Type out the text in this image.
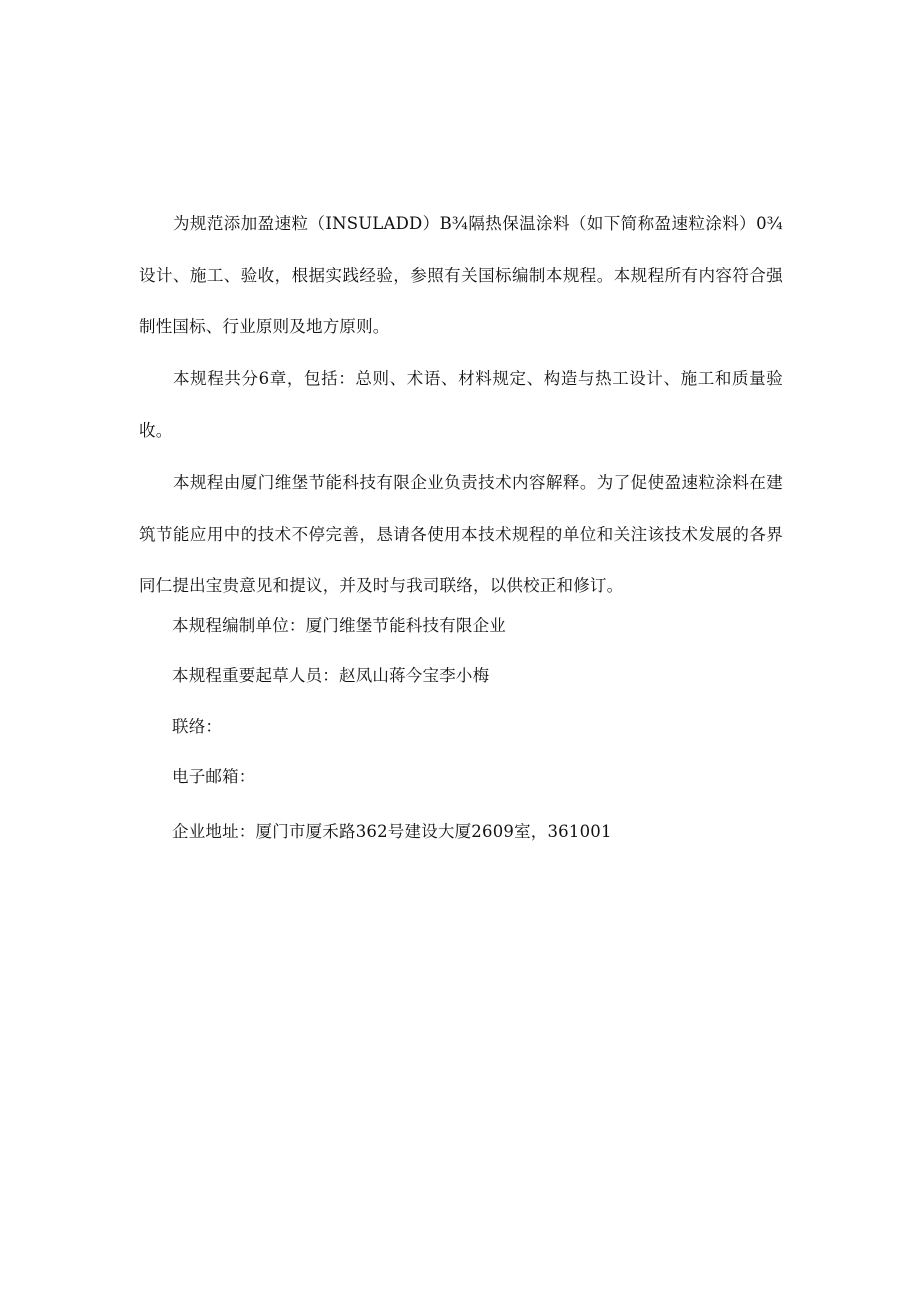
为规范添加盈速粒（INSULADD）B¾隔热保温涂料（如下简称盈速粒涂料）0¾设计、施工、验收，根据实践经验，参照有关国标编制本规程。本规程所有内容符合强制性国标、行业原则及地方原则。

本规程共分6章，包括：总则、术语、材料规定、构造与热工设计、施工和质量验收。

本规程由厦门维堡节能科技有限企业负责技术内容解释。为了促使盈速粒涂料在建筑节能应用中的技术不停完善，恳请各使用本技术规程的单位和关注该技术发展的各界同仁提出宝贵意见和提议，并及时与我司联络，以供校正和修订。

本规程编制单位：厦门维堡节能科技有限企业

本规程重要起草人员：赵凤山蒋今宝李小梅

联络：

电子邮箱：

企业地址：厦门市厦禾路362号建设大厦2609室，361001
